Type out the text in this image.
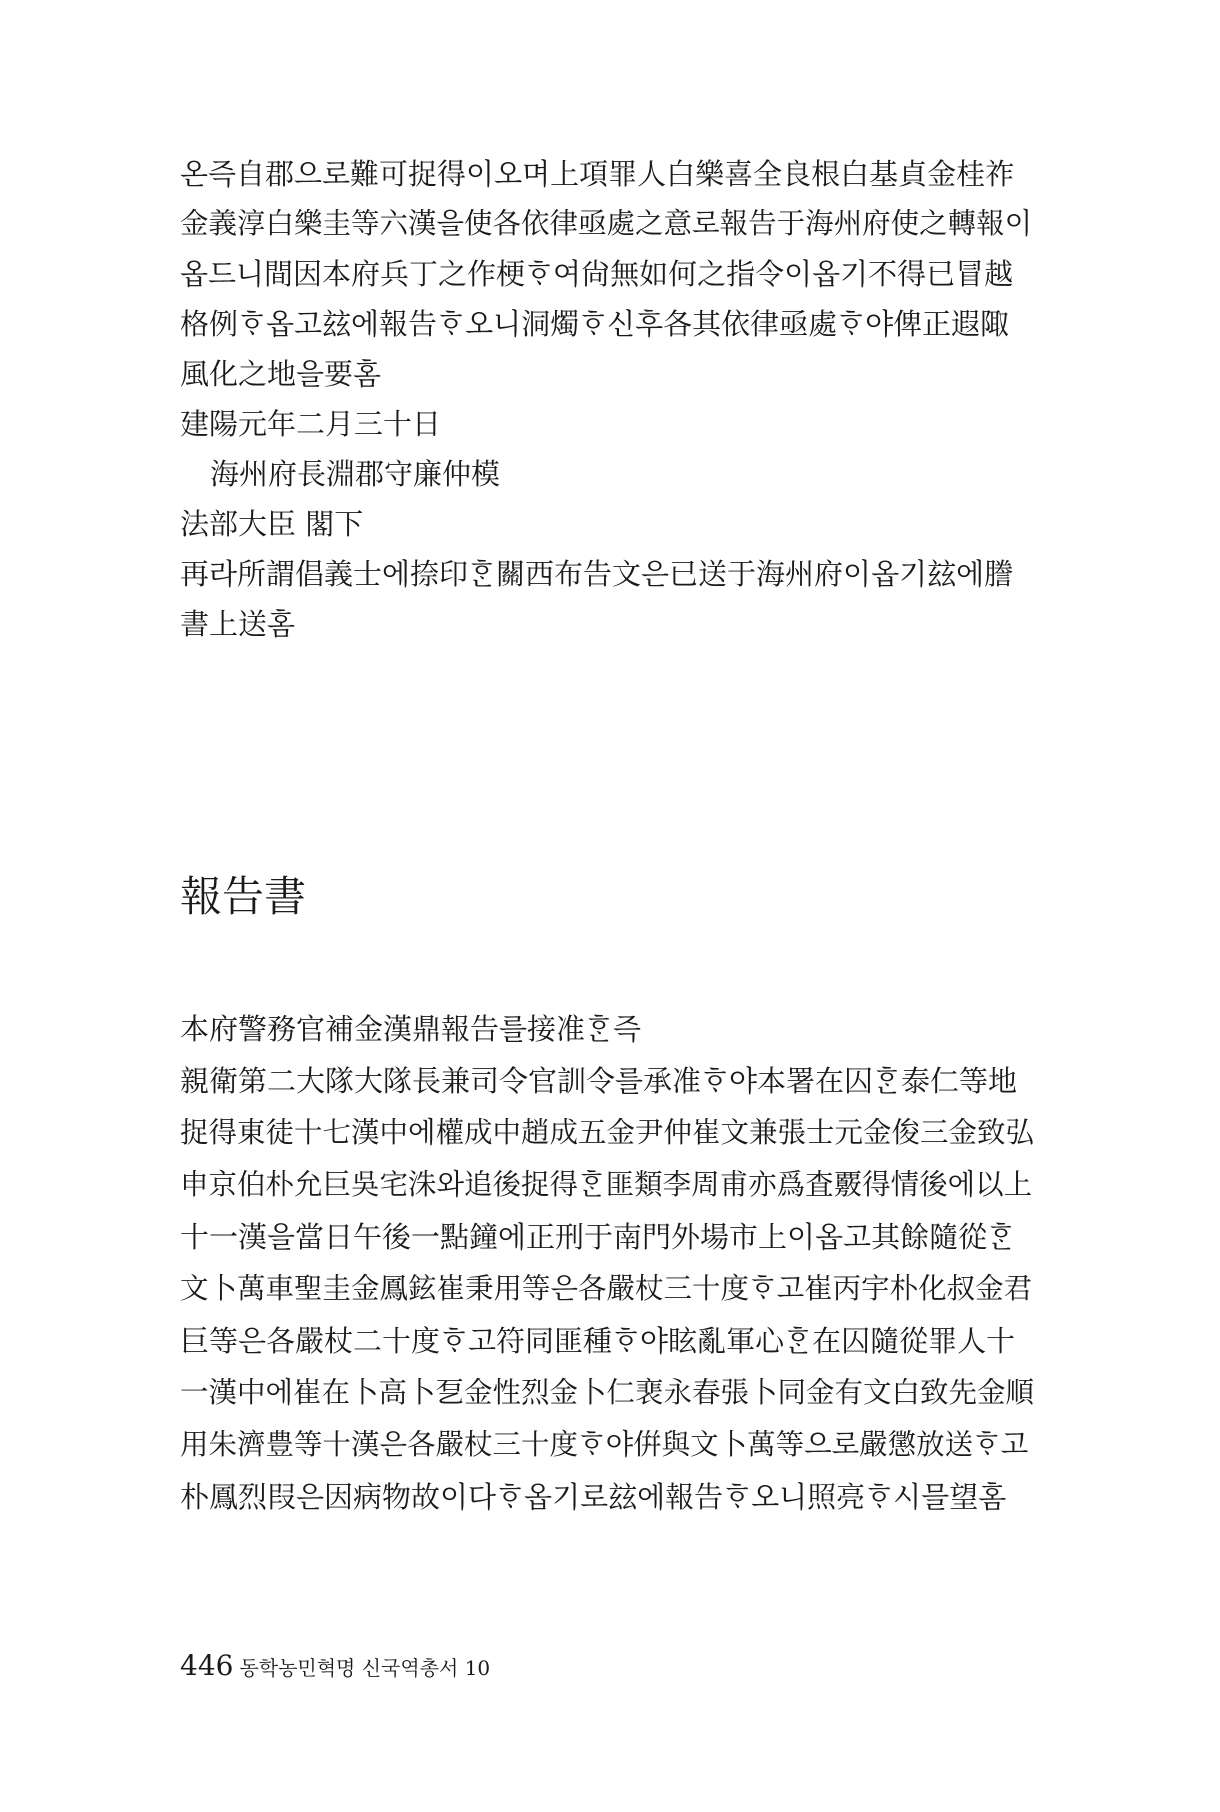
온즉自郡으로難可捉得이오며上項罪人白樂喜全良根白基貞金桂祚
金義淳白樂圭等六漢을使各依律亟處之意로報告于海州府使之轉報이
옵드니間因本府兵丁之作梗ᄒᆞ여尙無如何之指令이옵기不得已冒越
格例ᄒᆞ옵고玆에報告ᄒᆞ오니洞燭ᄒᆞ신후各其依律亟處ᄒᆞ야俾正遐陬
風化之地을要홈
建陽元年二月三十日
海州府長淵郡守廉仲模
法部大臣 閣下
再라所謂倡義士에捺印ᄒᆞᆫ關西布告文은已送于海州府이옵기玆에謄
書上送홈
報告書
本府警務官補金漢鼎報告를接准ᄒᆞᆫ즉
親衛第二大隊大隊長兼司令官訓令를承准ᄒᆞ야本署在囚ᄒᆞᆫ泰仁等地
捉得東徒十七漢中에權成中趙成五金尹仲崔文兼張士元金俊三金致弘
申京伯朴允巨吳宅洙와追後捉得ᄒᆞᆫ匪類李周甫亦爲査覈得情後에以上
十一漢을當日午後一點鐘에正刑于南門外場市上이옵고其餘隨從ᄒᆞᆫ
文卜萬車聖圭金鳳鉉崔秉用等은各嚴杖三十度ᄒᆞ고崔丙宇朴化叔金君
巨等은各嚴杖二十度ᄒᆞ고符同匪種ᄒᆞ야眩亂軍心ᄒᆞᆫ在囚隨從罪人十
一漢中에崔在卜高卜乭金性烈金卜仁裵永春張卜同金有文白致先金順
用朱濟豊等十漢은各嚴杖三十度ᄒᆞ야倂與文卜萬等으로嚴懲放送ᄒᆞ고
朴鳳烈叚은因病物故이다ᄒᆞ옵기로玆에報告ᄒᆞ오니照亮ᄒᆞ시믈望홈
446 동학농민혁명 신국역총서 10
